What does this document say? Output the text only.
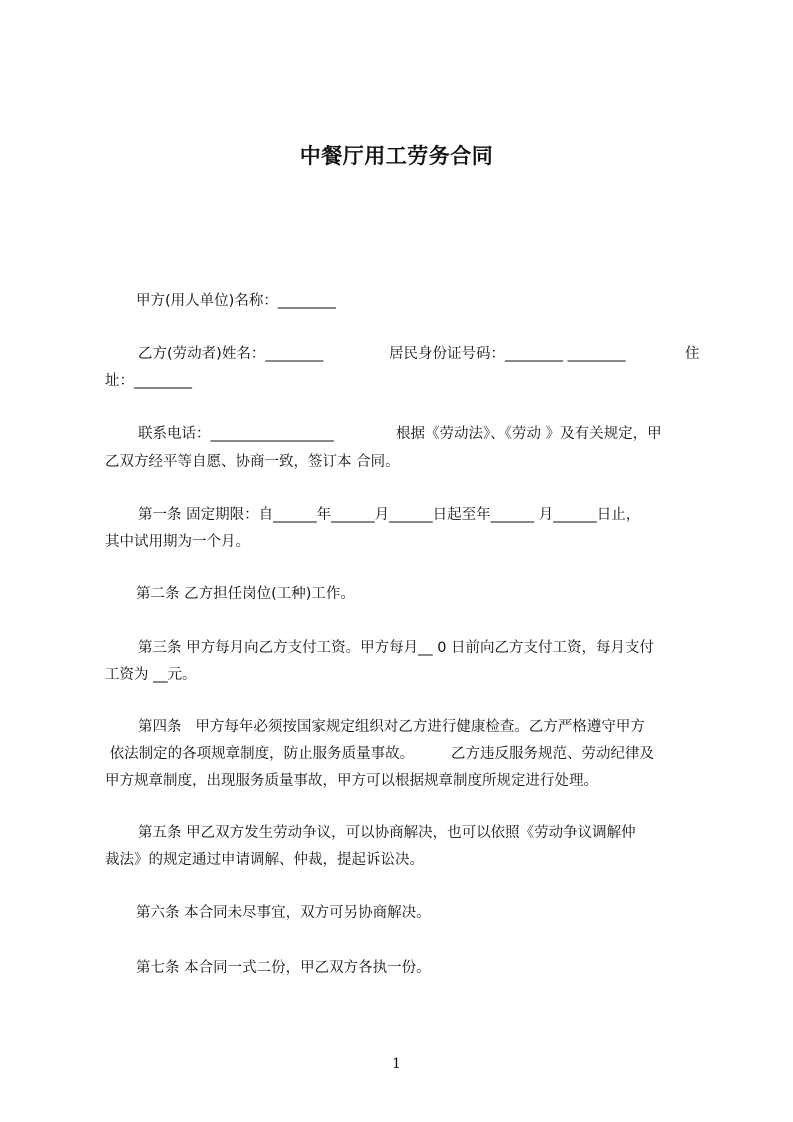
中餐厅用工劳务合同
甲方(用人单位)名称：________
乙方(劳动者)姓名：________	居民身份证号码：________ ________	住
址：________
联系电话：_________________	根据《劳动法》、《劳动 》及有关规定，甲
乙双方经平等自愿、协商一致，签订本 合同。
第一条 固定期限：自______年______月______日起至年______ 月______日止，
其中试用期为一个月。
第二条 乙方担任岗位(工种)工作。
第三条 甲方每月向乙方支付工资。甲方每月__ 0 日前向乙方支付工资，每月支付
工资为 __元。
第四条   甲方每年必须按国家规定组织对乙方进行健康检查。乙方严格遵守甲方
依法制定的各项规章制度，防止服务质量事故。        乙方违反服务规范、劳动纪律及
甲方规章制度，出现服务质量事故，甲方可以根据规章制度所规定进行处理。
第五条 甲乙双方发生劳动争议，可以协商解决，也可以依照《劳动争议调解仲
裁法》的规定通过申请调解、仲裁，提起诉讼决。
第六条 本合同未尽事宜，双方可另协商解决。
第七条 本合同一式二份，甲乙双方各执一份。
1
